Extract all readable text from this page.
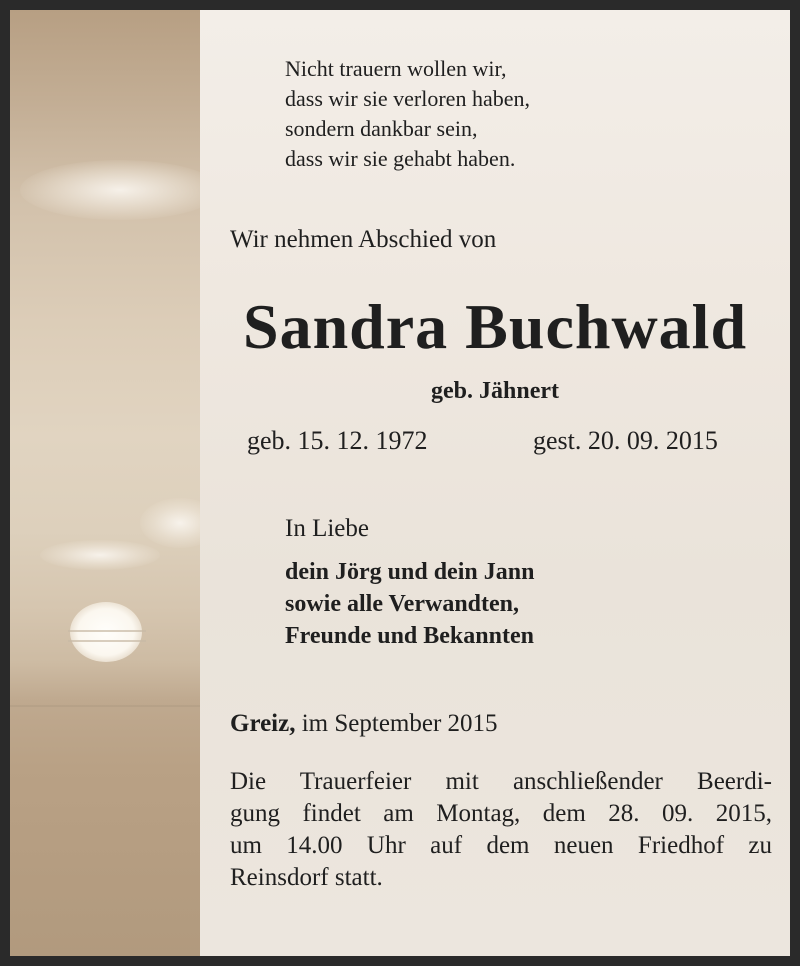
Nicht trauern wollen wir,
dass wir sie verloren haben,
sondern dankbar sein,
dass wir sie gehabt haben.
Wir nehmen Abschied von
Sandra Buchwald
geb. Jähnert
geb. 15. 12. 1972	gest. 20. 09. 2015
In Liebe
dein Jörg und dein Jann
sowie alle Verwandten,
Freunde und Bekannten
Greiz, im September 2015
Die Trauerfeier mit anschließender Beerdi-
gung findet am Montag, dem 28. 09. 2015,
um 14.00 Uhr auf dem neuen Friedhof zu
Reinsdorf statt.
